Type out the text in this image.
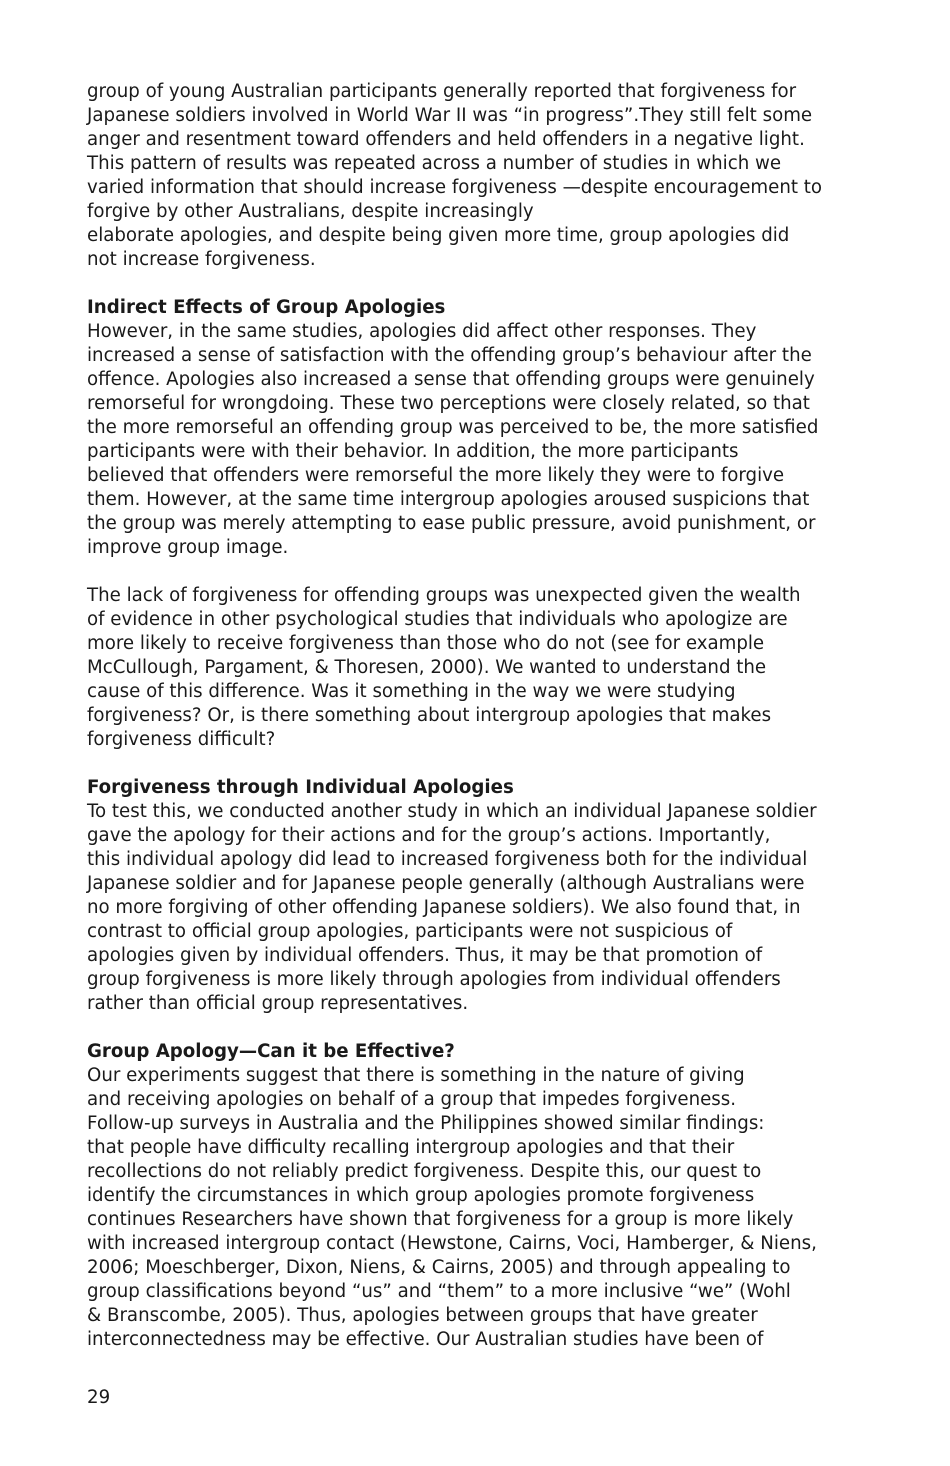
group of young Australian participants generally reported that forgiveness for
Japanese soldiers involved in World War II was “in progress”.They still felt some
anger and resentment toward offenders and held offenders in a negative light.
This pattern of results was repeated across a number of studies in which we
varied information that should increase forgiveness —despite encouragement to
forgive by other Australians, despite increasingly
elaborate apologies, and despite being given more time, group apologies did
not increase forgiveness.

Indirect Effects of Group Apologies
However, in the same studies, apologies did affect other responses. They
increased a sense of satisfaction with the offending group’s behaviour after the
offence. Apologies also increased a sense that offending groups were genuinely
remorseful for wrongdoing. These two perceptions were closely related, so that
the more remorseful an offending group was perceived to be, the more satisfied
participants were with their behavior. In addition, the more participants
believed that offenders were remorseful the more likely they were to forgive
them. However, at the same time intergroup apologies aroused suspicions that
the group was merely attempting to ease public pressure, avoid punishment, or
improve group image.

The lack of forgiveness for offending groups was unexpected given the wealth
of evidence in other psychological studies that individuals who apologize are
more likely to receive forgiveness than those who do not (see for example
McCullough, Pargament, & Thoresen, 2000). We wanted to understand the
cause of this difference. Was it something in the way we were studying
forgiveness? Or, is there something about intergroup apologies that makes
forgiveness difficult?

Forgiveness through Individual Apologies
To test this, we conducted another study in which an individual Japanese soldier
gave the apology for their actions and for the group’s actions. Importantly,
this individual apology did lead to increased forgiveness both for the individual
Japanese soldier and for Japanese people generally (although Australians were
no more forgiving of other offending Japanese soldiers). We also found that, in
contrast to official group apologies, participants were not suspicious of
apologies given by individual offenders. Thus, it may be that promotion of
group forgiveness is more likely through apologies from individual offenders
rather than official group representatives.

Group Apology—Can it be Effective?
Our experiments suggest that there is something in the nature of giving
and receiving apologies on behalf of a group that impedes forgiveness.
Follow-up surveys in Australia and the Philippines showed similar findings:
that people have difficulty recalling intergroup apologies and that their
recollections do not reliably predict forgiveness. Despite this, our quest to
identify the circumstances in which group apologies promote forgiveness
continues Researchers have shown that forgiveness for a group is more likely
with increased intergroup contact (Hewstone, Cairns, Voci, Hamberger, & Niens,
2006; Moeschberger, Dixon, Niens, & Cairns, 2005) and through appealing to
group classifications beyond “us” and “them” to a more inclusive “we” (Wohl
& Branscombe, 2005). Thus, apologies between groups that have greater
interconnectedness may be effective. Our Australian studies have been of

29
